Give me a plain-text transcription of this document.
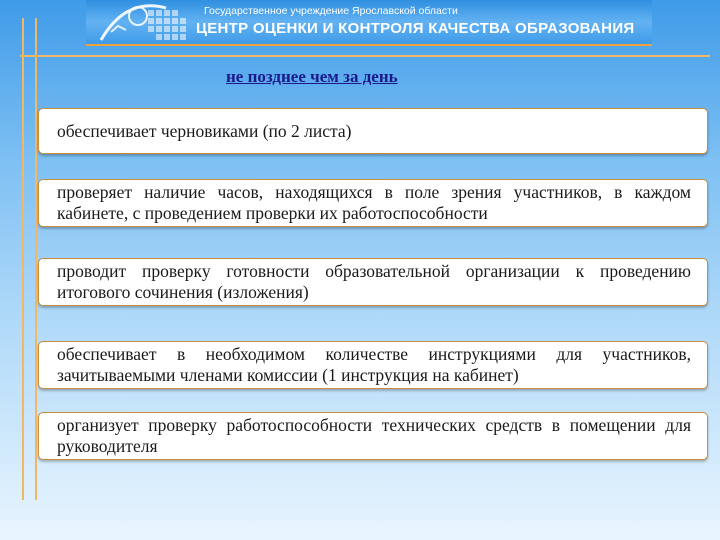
Государственное учреждение Ярославской области
ЦЕНТР ОЦЕНКИ И КОНТРОЛЯ КАЧЕСТВА ОБРАЗОВАНИЯ
не позднее чем за день
обеспечивает черновиками (по 2 листа)
проверяет наличие часов, находящихся в поле зрения участников, в каждом кабинете, с проведением проверки их работоспособности
проводит проверку готовности образовательной организации к проведению итогового сочинения (изложения)
обеспечивает в необходимом количестве инструкциями для участников, зачитываемыми членами комиссии (1 инструкция на кабинет)
организует проверку работоспособности технических средств в помещении для руководителя
